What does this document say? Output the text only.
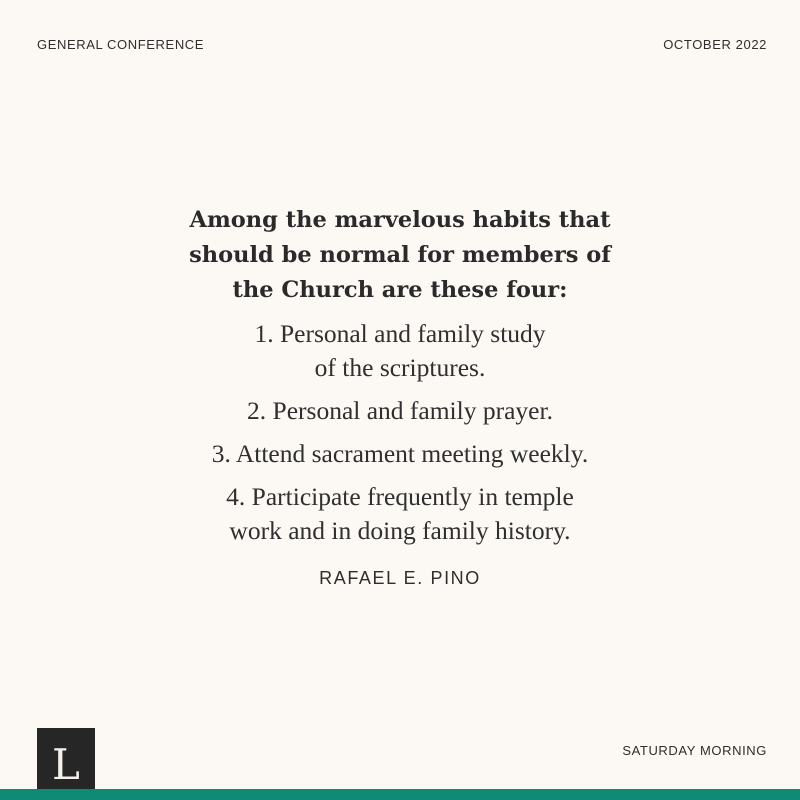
GENERAL CONFERENCE	OCTOBER 2022

Among the marvelous habits that
should be normal for members of
the Church are these four:

1. Personal and family study
of the scriptures.

2. Personal and family prayer.

3. Attend sacrament meeting weekly.

4. Participate frequently in temple
work and in doing family history.

RAFAEL E. PINO
L	SATURDAY MORNING
